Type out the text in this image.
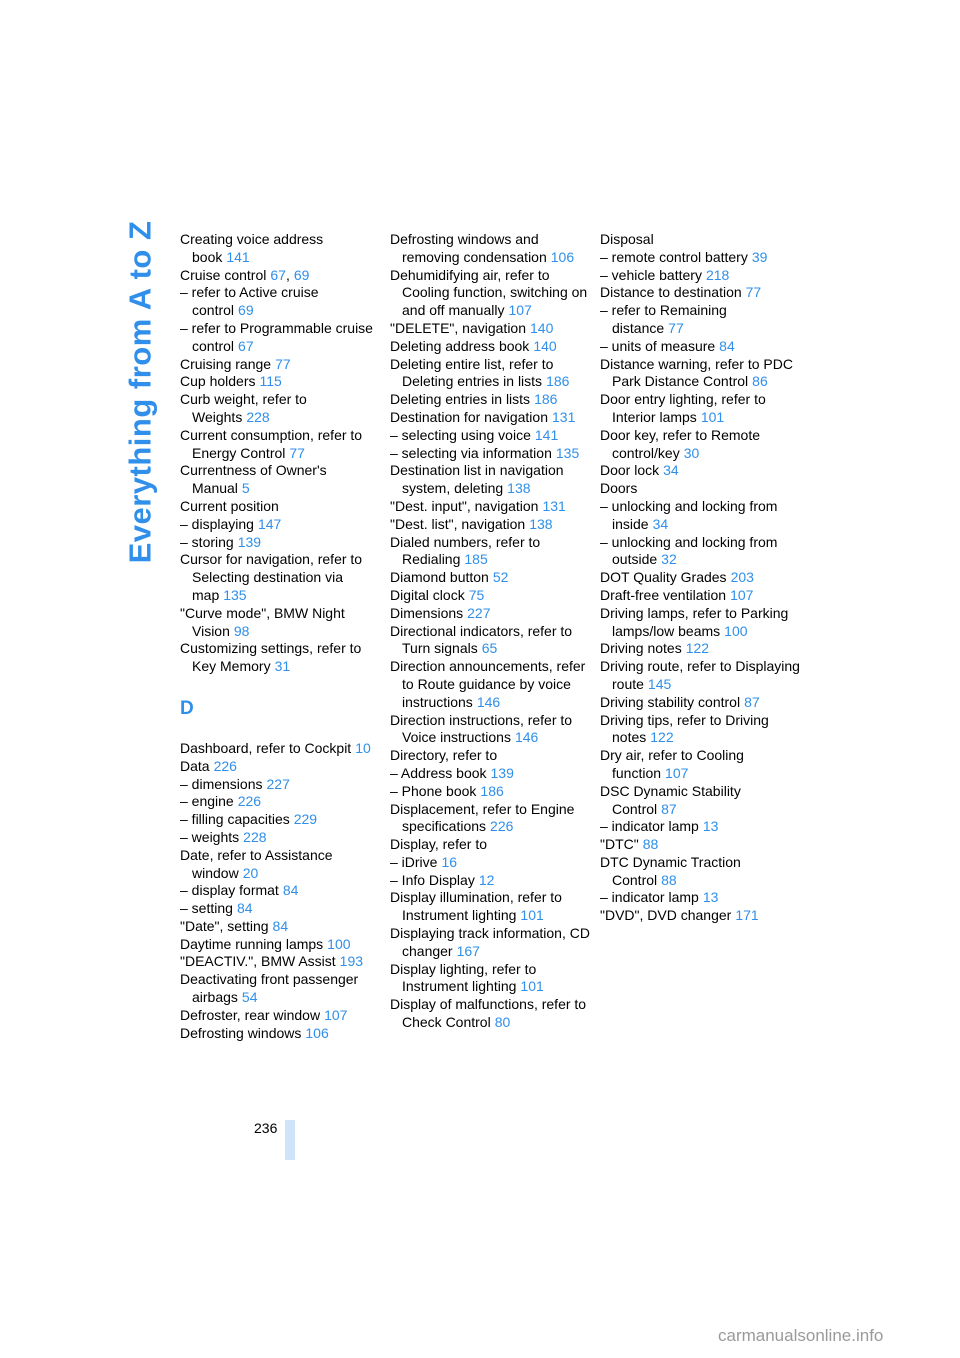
Everything from A to Z Creating voice address book 141
Cruise control 67, 69
– refer to Active cruise control 69
– refer to Programmable cruise control 67
Cruising range 77
Cup holders 115
Curb weight, refer to Weights 228
Current consumption, refer to Energy Control 77
Currentness of Owner's Manual 5
Current position
– displaying 147
– storing 139
Cursor for navigation, refer to Selecting destination via map 135
"Curve mode", BMW Night Vision 98
Customizing settings, refer to Key Memory 31
D
Dashboard, refer to Cockpit 10
Data 226
– dimensions 227
– engine 226
– filling capacities 229
– weights 228
Date, refer to Assistance window 20
– display format 84
– setting 84
"Date", setting 84
Daytime running lamps 100
"DEACTIV.", BMW Assist 193
Deactivating front passenger airbags 54
Defroster, rear window 107
Defrosting windows 106
Defrosting windows and removing condensation 106
Dehumidifying air, refer to Cooling function, switching on and off manually 107
"DELETE", navigation 140
Deleting address book 140
Deleting entire list, refer to Deleting entries in lists 186
Deleting entries in lists 186
Destination for navigation 131
– selecting using voice 141
– selecting via information 135
Destination list in navigation system, deleting 138
"Dest. input", navigation 131
"Dest. list", navigation 138
Dialed numbers, refer to Redialing 185
Diamond button 52
Digital clock 75
Dimensions 227
Directional indicators, refer to Turn signals 65
Direction announcements, refer to Route guidance by voice instructions 146
Direction instructions, refer to Voice instructions 146
Directory, refer to
– Address book 139
– Phone book 186
Displacement, refer to Engine specifications 226
Display, refer to
– iDrive 16
– Info Display 12
Display illumination, refer to Instrument lighting 101
Displaying track information, CD changer 167
Display lighting, refer to Instrument lighting 101
Display of malfunctions, refer to Check Control 80
Disposal
– remote control battery 39
– vehicle battery 218
Distance to destination 77
– refer to Remaining distance 77
– units of measure 84
Distance warning, refer to PDC Park Distance Control 86
Door entry lighting, refer to Interior lamps 101
Door key, refer to Remote control/key 30
Door lock 34
Doors
– unlocking and locking from inside 34
– unlocking and locking from outside 32
DOT Quality Grades 203
Draft-free ventilation 107
Driving lamps, refer to Parking lamps/low beams 100
Driving notes 122
Driving route, refer to Displaying route 145
Driving stability control 87
Driving tips, refer to Driving notes 122
Dry air, refer to Cooling function 107
DSC Dynamic Stability Control 87
– indicator lamp 13
"DTC" 88
DTC Dynamic Traction Control 88
– indicator lamp 13
"DVD", DVD changer 171
236
carmanualsonline.info
